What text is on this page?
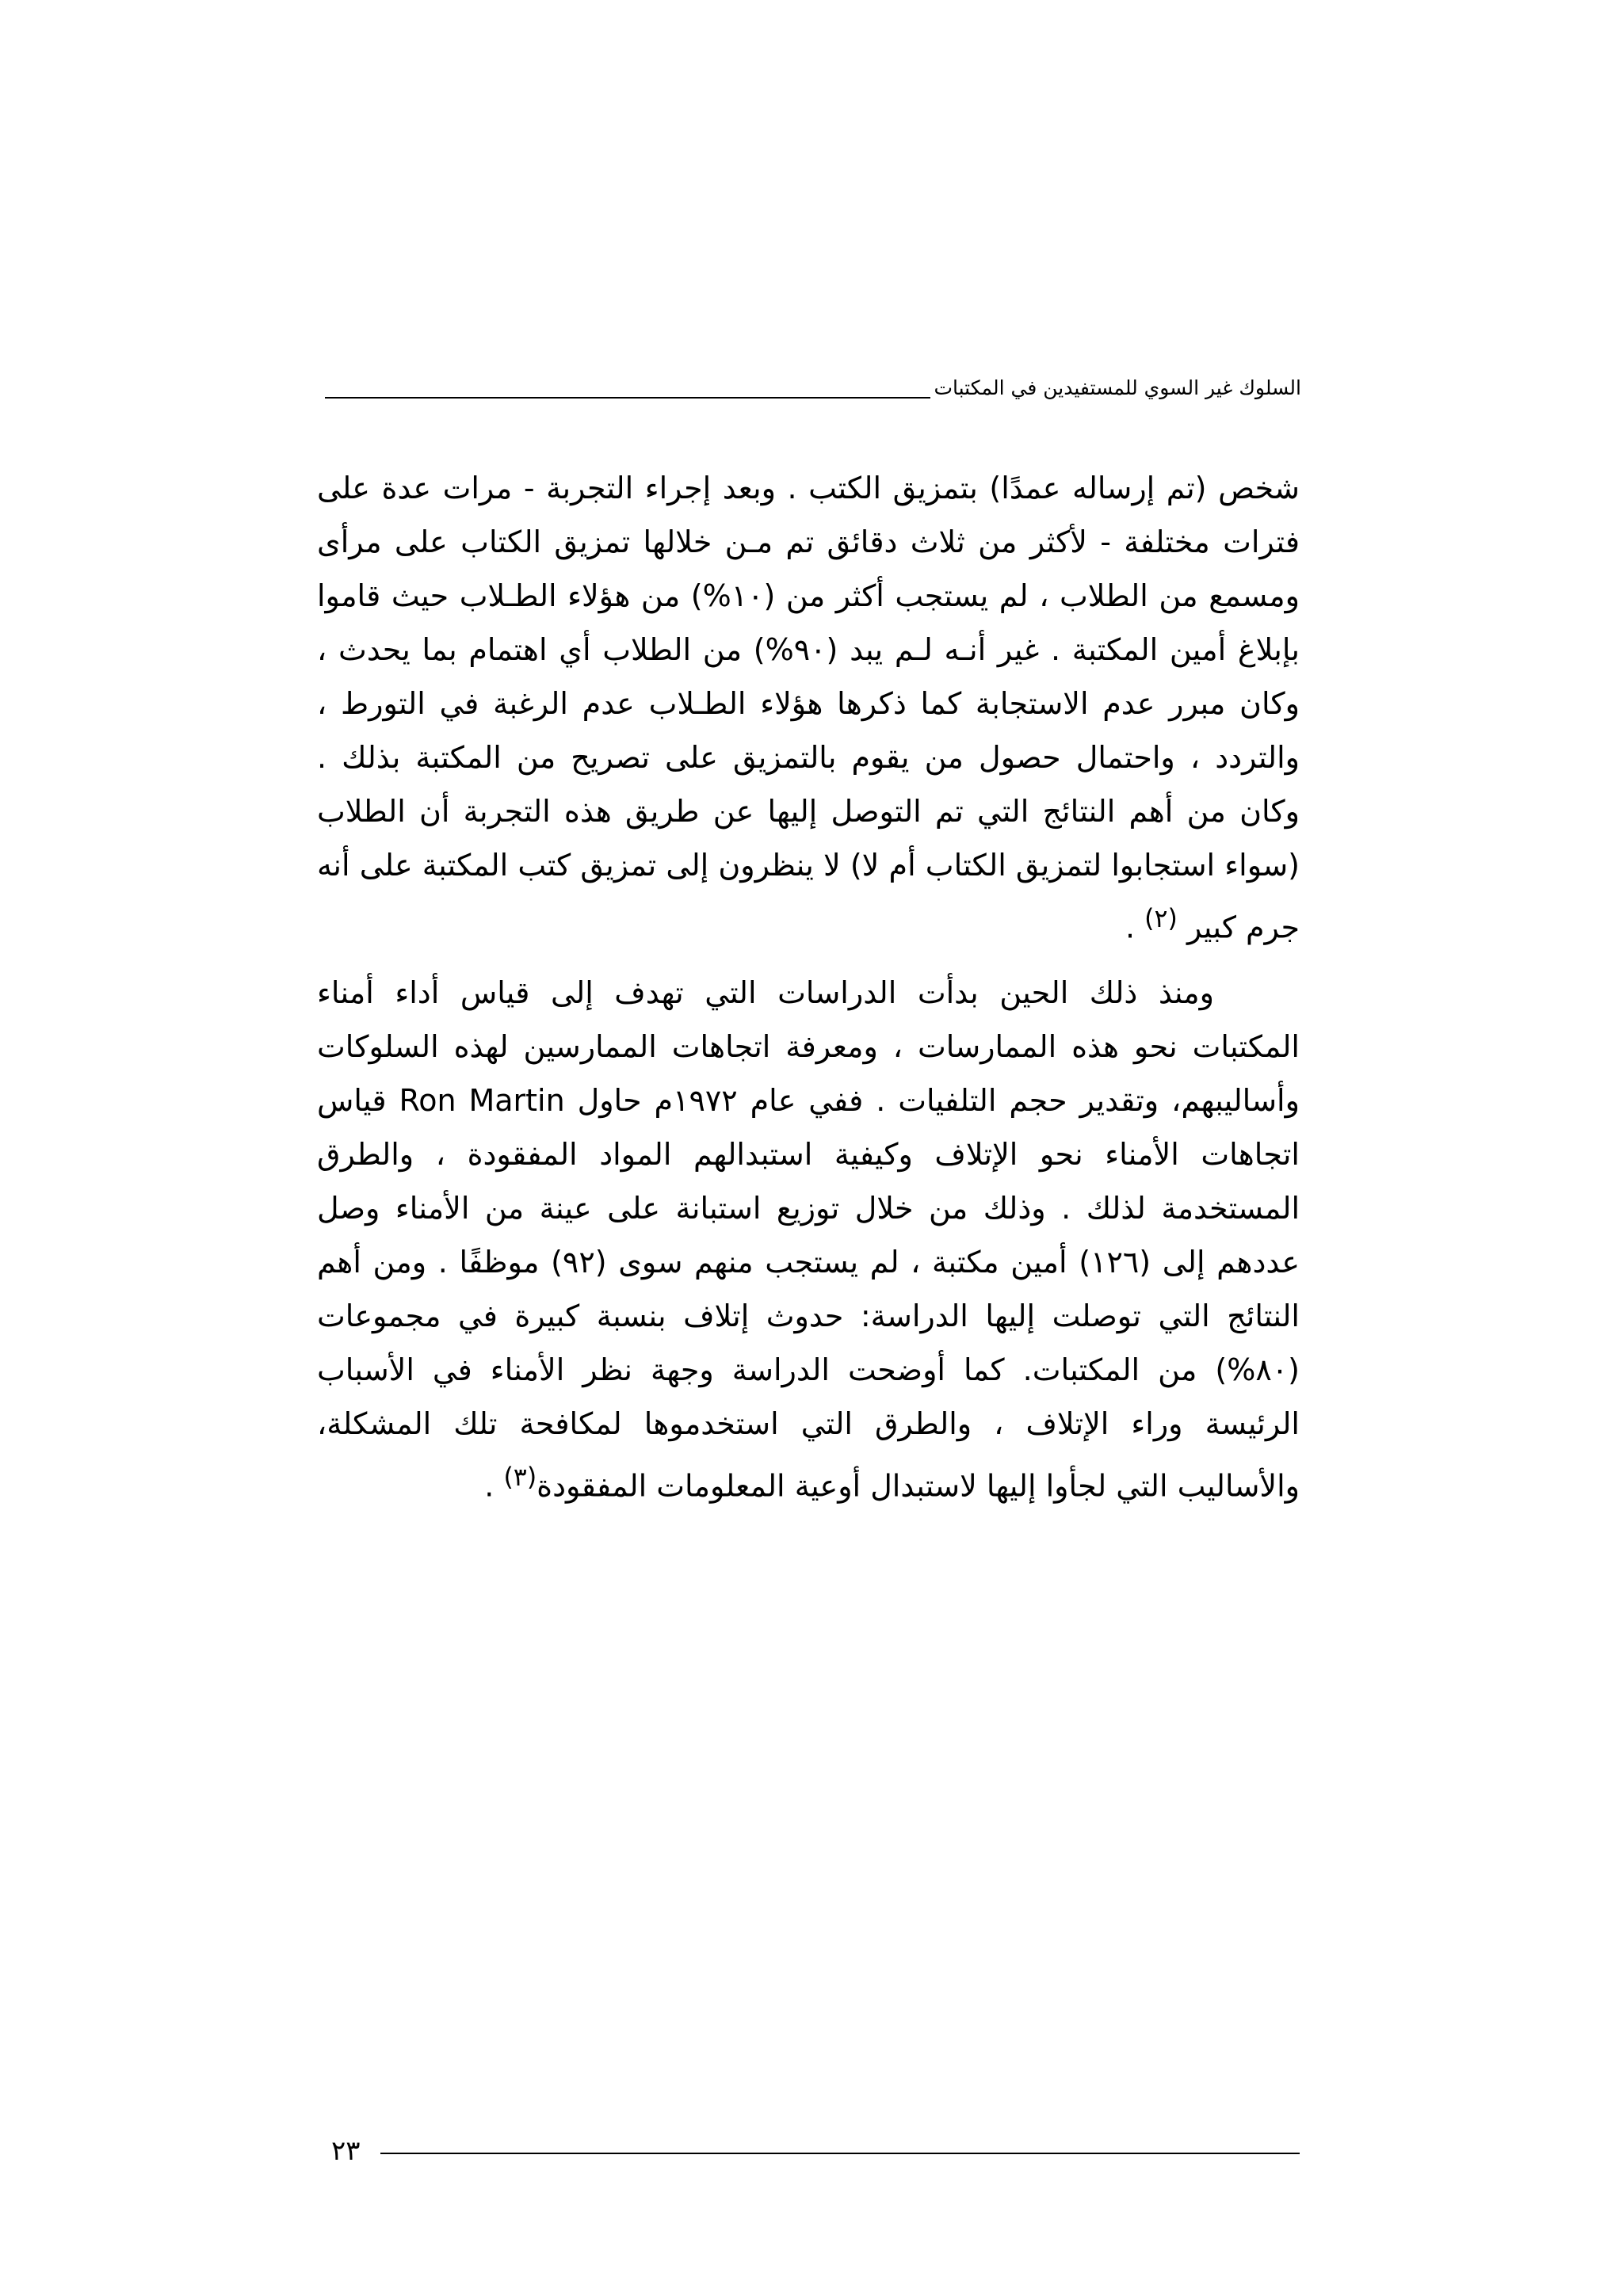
السلوك غير السوي للمستفيدين في المكتبات

شخص (تم إرساله عمدًا) بتمزيق الكتب . وبعد إجراء التجربة - مرات عدة على فترات مختلفة - لأكثر من ثلاث دقائق تم مـن خلالها تمزيق الكتاب على مرأى ومسمع من الطلاب ، لم يستجب أكثر من (١٠%) من هؤلاء الطـلاب حيث قاموا بإبلاغ أمين المكتبة . غير أنـه لـم يبد (٩٠%) من الطلاب أي اهتمام بما يحدث ، وكان مبرر عدم الاستجابة كما ذكرها هؤلاء الطـلاب عدم الرغبة في التورط ، والتردد ، واحتمال حصول من يقوم بالتمزيق على تصريح من المكتبة بذلك . وكان من أهم النتائج التي تم التوصل إليها عن طريق هذه التجربة أن الطلاب (سواء استجابوا لتمزيق الكتاب أم لا) لا ينظرون إلى تمزيق كتب المكتبة على أنه جرم كبير $^{(٢)}$ .

ومنذ ذلك الحين بدأت الدراسات التي تهدف إلى قياس أداء أمناء المكتبات نحو هذه الممارسات ، ومعرفة اتجاهات الممارسين لهذه السلوكات وأساليبهم، وتقدير حجم التلفيات . ففي عام ١٩٧٢م حاول Ron Martin قياس اتجاهات الأمناء نحو الإتلاف وكيفية استبدالهم المواد المفقودة ، والطرق المستخدمة لذلك . وذلك من خلال توزيع استبانة على عينة من الأمناء وصل عددهم إلى (١٢٦) أمين مكتبة ، لم يستجب منهم سوى (٩٢) موظفًا . ومن أهم النتائج التي توصلت إليها الدراسة: حدوث إتلاف بنسبة كبيرة في مجموعات (٨٠%) من المكتبات. كما أوضحت الدراسة وجهة نظر الأمناء في الأسباب الرئيسة وراء الإتلاف ، والطرق التي استخدموها لمكافحة تلك المشكلة، والأساليب التي لجأوا إليها لاستبدال أوعية المعلومات المفقودة$^{(٣)}$ .

٢٣
